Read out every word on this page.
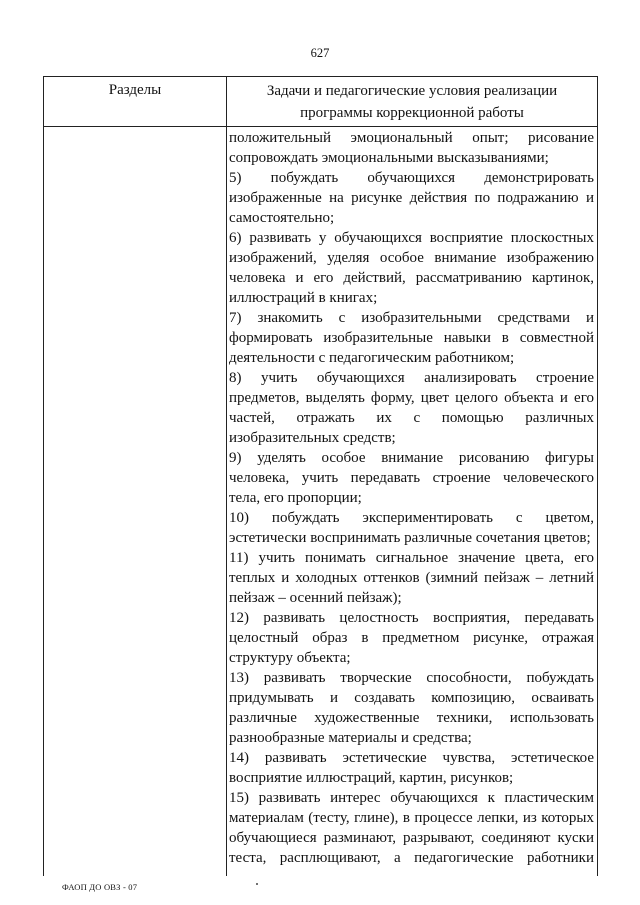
627
Разделы	Задачи и педагогические условия реализации
программы коррекционной работы

положительный эмоциональный опыт; рисование сопровождать эмоциональными высказываниями;

5) побуждать обучающихся демонстрировать изображенные на рисунке действия по подражанию и самостоятельно;

6) развивать у обучающихся восприятие плоскостных изображений, уделяя особое внимание изображению человека и его действий, рассматриванию картинок, иллюстраций в книгах;

7) знакомить с изобразительными средствами и формировать изобразительные навыки в совместной деятельности с педагогическим работником;

8) учить обучающихся анализировать строение предметов, выделять форму, цвет целого объекта и его частей, отражать их с помощью различных изобразительных средств;

9) уделять особое внимание рисованию фигуры человека, учить передавать строение человеческого тела, его пропорции;

10) побуждать экспериментировать с цветом, эстетически воспринимать различные сочетания цветов;

11) учить понимать сигнальное значение цвета, его теплых и холодных оттенков (зимний пейзаж – летний пейзаж – осенний пейзаж);

12) развивать целостность восприятия, передавать целостный образ в предметном рисунке, отражая структуру объекта;

13) развивать творческие способности, побуждать придумывать и создавать композицию, осваивать различные художественные техники, использовать разнообразные материалы и средства;

14) развивать эстетические чувства, эстетическое восприятие иллюстраций, картин, рисунков;

15) развивать интерес обучающихся к пластическим материалам (тесту, глине), в процессе лепки, из которых обучающиеся разминают, разрывают, соединяют куски теста, расплющивают, а педагогические работники

ФАОП ДО ОВЗ - 07
